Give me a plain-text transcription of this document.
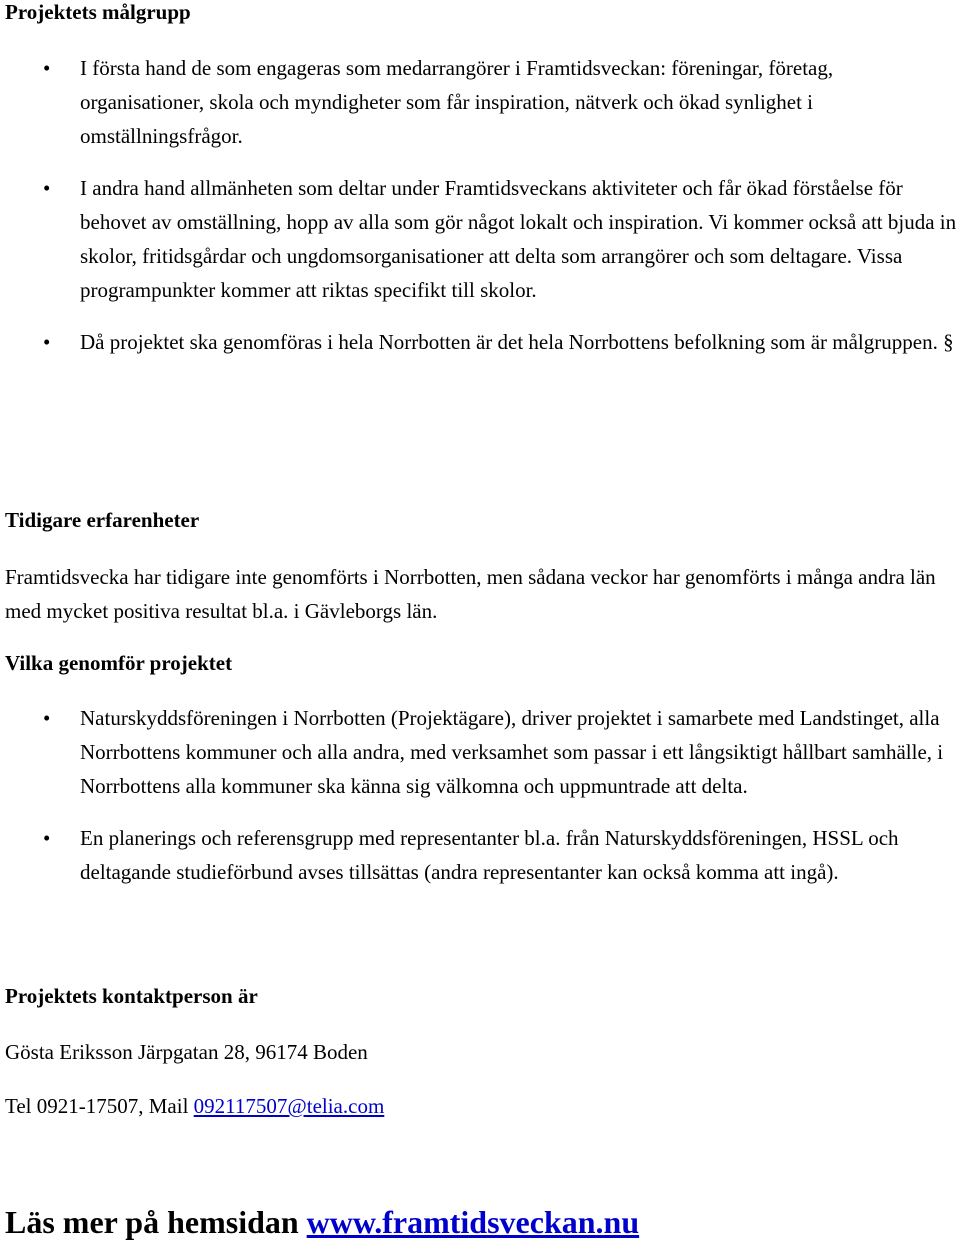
Projektets målgrupp
• I första hand de som engageras som medarrangörer i Framtidsveckan: föreningar, företag, organisationer, skola och myndigheter som får inspiration, nätverk och ökad synlighet i omställningsfrågor.
• I andra hand allmänheten som deltar under Framtidsveckans aktiviteter och får ökad förståelse för behovet av omställning, hopp av alla som gör något lokalt och inspiration. Vi kommer också att bjuda in skolor, fritidsgårdar och ungdomsorganisationer att delta som arrangörer och som deltagare. Vissa programpunkter kommer att riktas specifikt till skolor.
• Då projektet ska genomföras i hela Norrbotten är det hela Norrbottens befolkning som är målgruppen. §
Tidigare erfarenheter

Framtidsvecka har tidigare inte genomförts i Norrbotten, men sådana veckor har genomförts i många andra län med mycket positiva resultat bl.a. i Gävleborgs län.

Vilka genomför projektet
• Naturskyddsföreningen i Norrbotten (Projektägare), driver projektet i samarbete med Landstinget, alla Norrbottens kommuner och alla andra, med verksamhet som passar i ett långsiktigt hållbart samhälle, i Norrbottens alla kommuner ska känna sig välkomna och uppmuntrade att delta.
• En planerings och referensgrupp med representanter bl.a. från Naturskyddsföreningen, HSSL och deltagande studieförbund avses tillsättas (andra representanter kan också komma att ingå).
Projektets kontaktperson är

Gösta Eriksson Järpgatan 28, 96174 Boden

Tel 0921-17507, Mail 092117507@telia.com

Läs mer på hemsidan www.framtidsveckan.nu
